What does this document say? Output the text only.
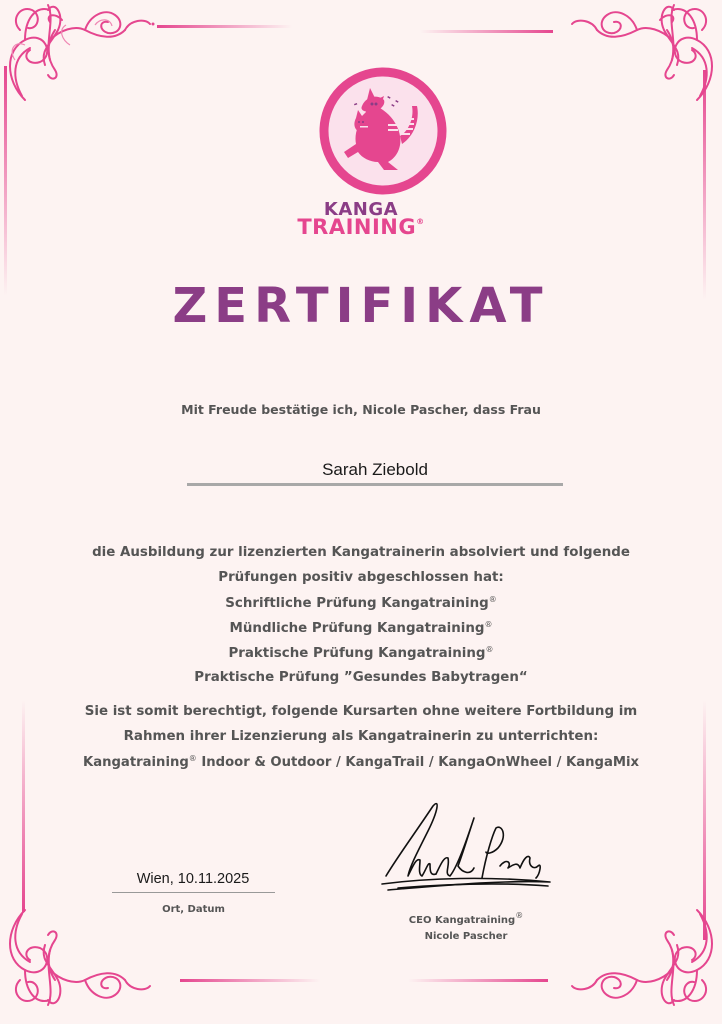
KANGA
TRAINING®
ZERTIFIKAT
Mit Freude bestätige ich, Nicole Pascher, dass Frau
Sarah Ziebold
die Ausbildung zur lizenzierten Kangatrainerin absolviert und folgende
Prüfungen positiv abgeschlossen hat:
Schriftliche Prüfung Kangatraining®
Mündliche Prüfung Kangatraining®
Praktische Prüfung Kangatraining®
Praktische Prüfung ”Gesundes Babytragen“
Sie ist somit berechtigt, folgende Kursarten ohne weitere Fortbildung im
Rahmen ihrer Lizenzierung als Kangatrainerin zu unterrichten:
Kangatraining® Indoor & Outdoor / KangaTrail / KangaOnWheel / KangaMix
Wien, 10.11.2025
Ort, Datum
CEO Kangatraining®
Nicole Pascher
